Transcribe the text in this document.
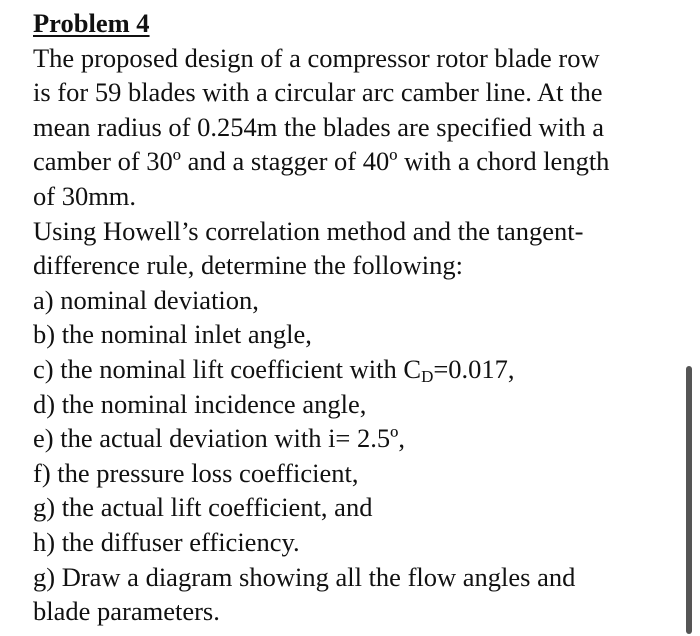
Problem 4

The proposed design of a compressor rotor blade row

is for 59 blades with a circular arc camber line. At the

mean radius of 0.254m the blades are specified with a

camber of 30º and a stagger of 40º with a chord length

of 30mm.

Using Howell’s correlation method and the tangent-

difference rule, determine the following:

a) nominal deviation,

b) the nominal inlet angle,

c) the nominal lift coefficient with $C_D=0.017$,

d) the nominal incidence angle,

e) the actual deviation with i= 2.5º,

f) the pressure loss coefficient,

g) the actual lift coefficient, and

h) the diffuser efficiency.

g) Draw a diagram showing all the flow angles and

blade parameters.
